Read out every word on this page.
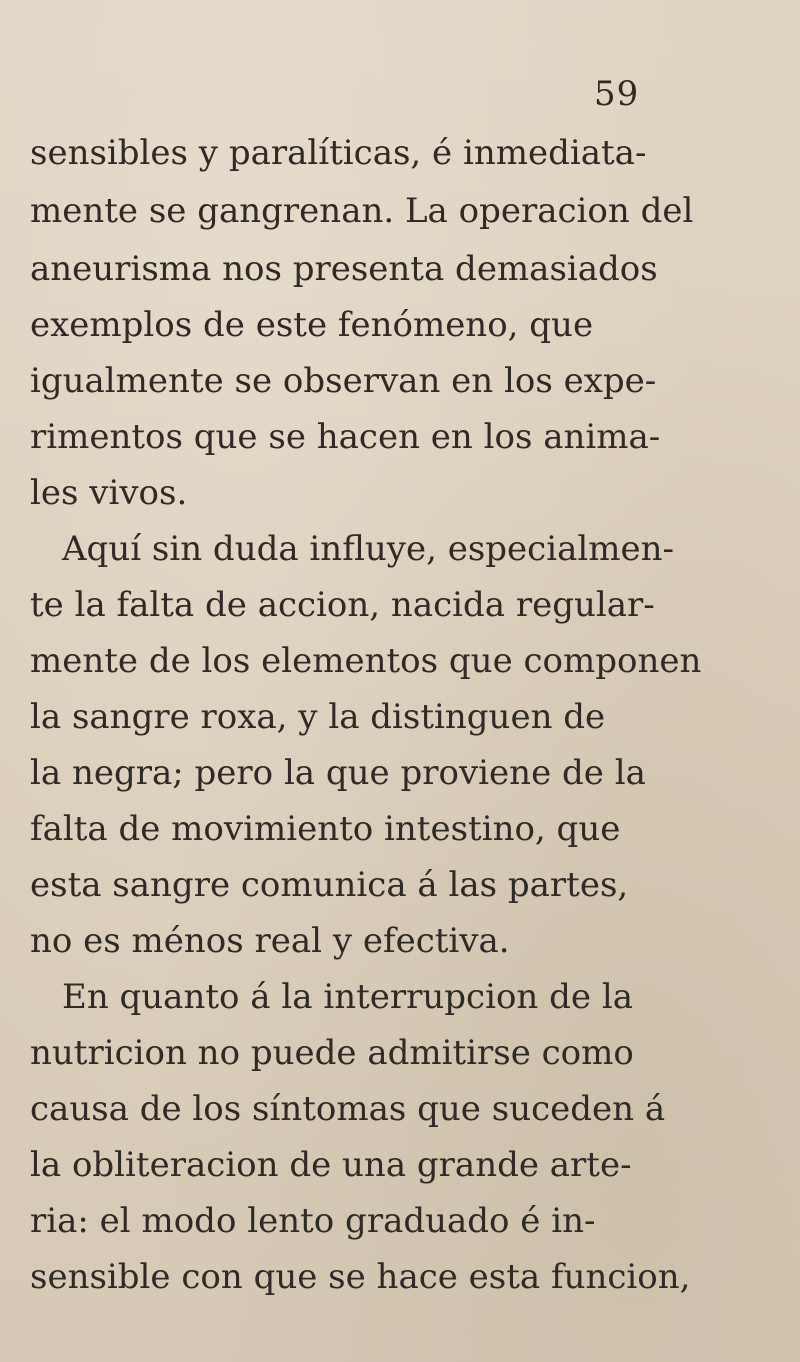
59
sensibles y paralíticas, é inmediata-
mente se gangrenan. La operacion del
aneurisma nos presenta demasiados
exemplos de este fenómeno, que
igualmente se observan en los expe-
rimentos que se hacen en los anima-
les vivos.
Aquí sin duda influye, especialmen-
te la falta de accion, nacida regular-
mente de los elementos que componen
la sangre roxa, y la distinguen de
la negra; pero la que proviene de la
falta de movimiento intestino, que
esta sangre comunica á las partes,
no es ménos real y efectiva.
En quanto á la interrupcion de la
nutricion no puede admitirse como
causa de los síntomas que suceden á
la obliteracion de una grande arte-
ria: el modo lento graduado é in-
sensible con que se hace esta funcion,
